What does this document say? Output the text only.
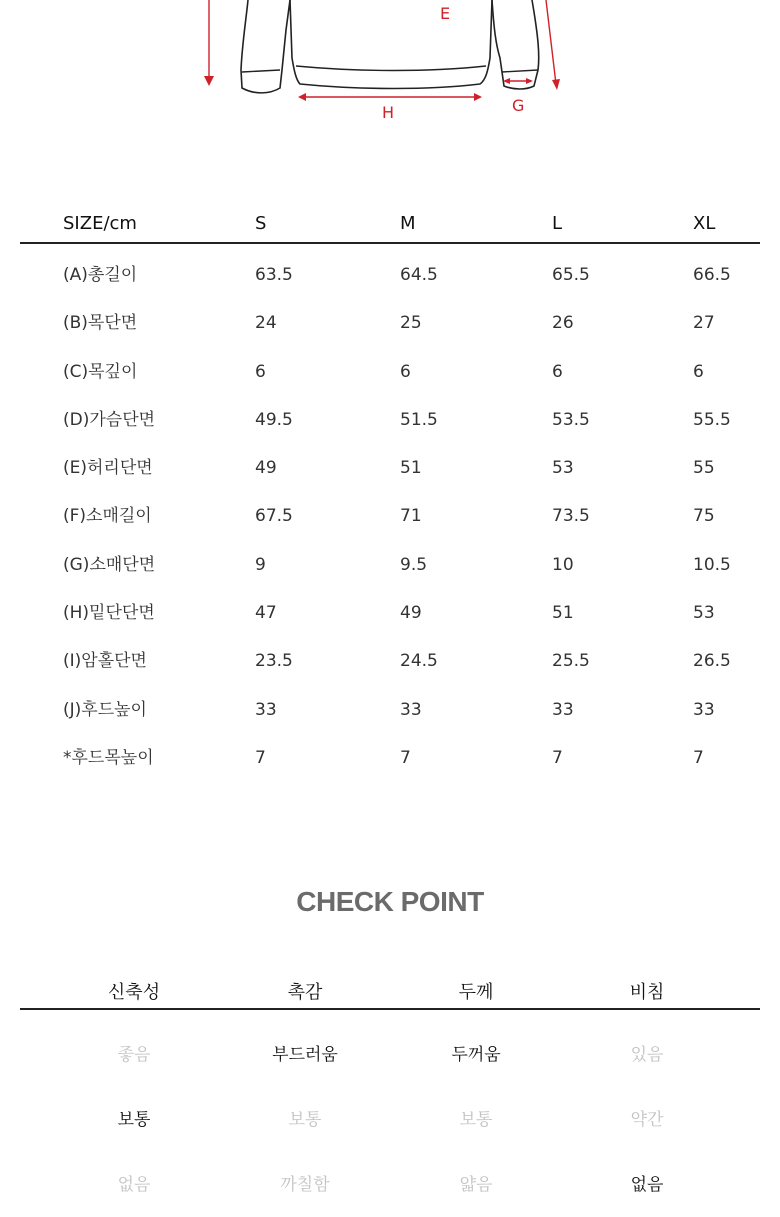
E
H	G
SIZE/cm	S	M	L	XL
(A)총길이	63.5	64.5	65.5	66.5
(B)목단면	24	25	26	27
(C)목깊이	6	6	6	6
(D)가슴단면	49.5	51.5	53.5	55.5
(E)허리단면	49	51	53	55
(F)소매길이	67.5	71	73.5	75
(G)소매단면	9	9.5	10	10.5
(H)밑단단면	47	49	51	53
(I)암홀단면	23.5	24.5	25.5	26.5
(J)후드높이	33	33	33	33
*후드목높이	7	7	7	7
CHECK POINT
신축성	촉감	두께	비침
좋음	부드러움	두꺼움	있음
보통	보통	보통	약간
없음	까칠함	얇음	없음
